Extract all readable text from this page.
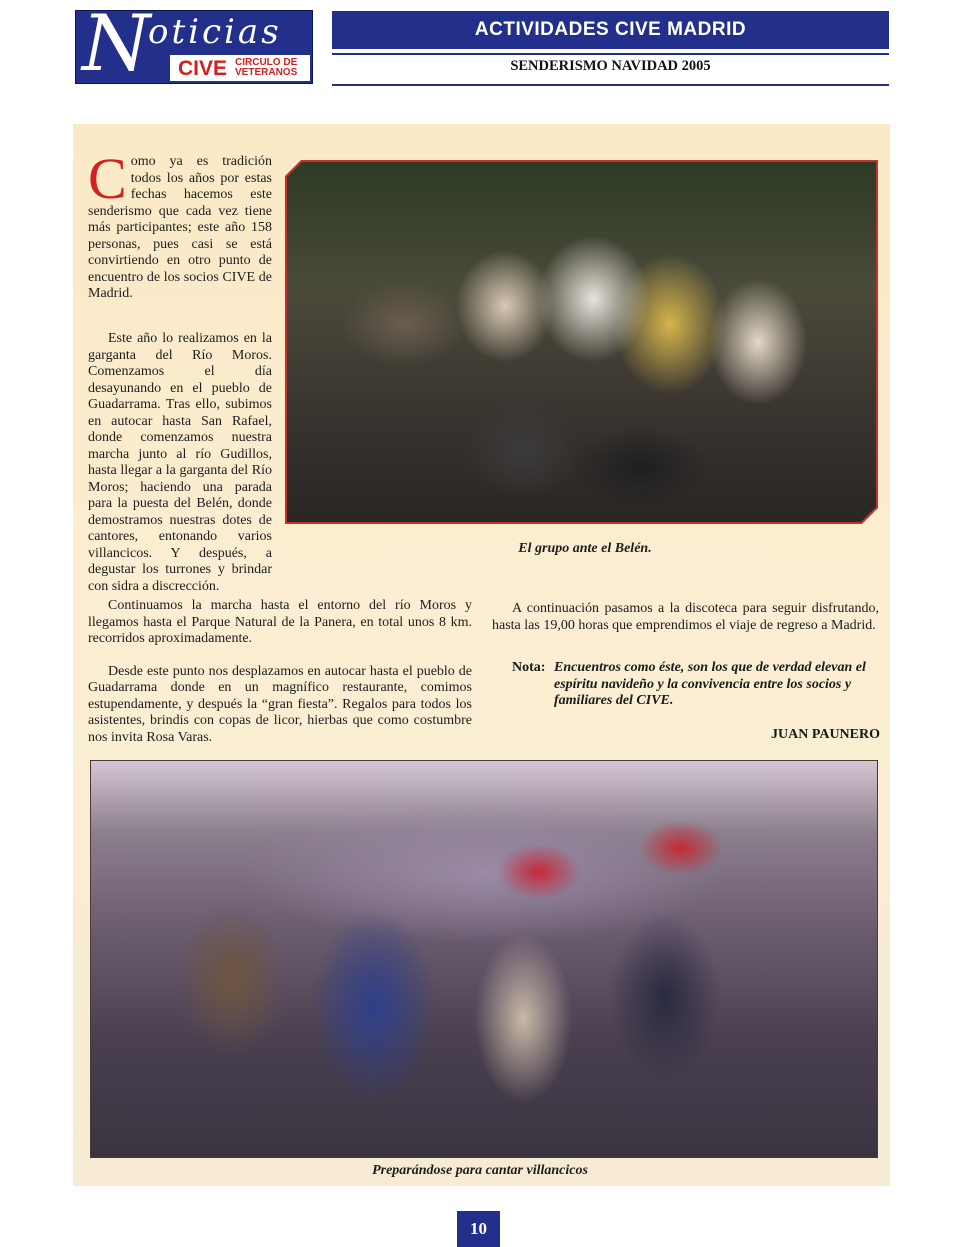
N
oticias
CIVE CIRCULO DE VETERANOS
ACTIVIDADES CIVE MADRID
SENDERISMO NAVIDAD 2005

Como ya es tradición todos los años por estas fechas hacemos este senderismo que cada vez tiene más participantes; este año 158 personas, pues casi se está convirtiendo en otro punto de encuentro de los socios CIVE de Madrid.

Este año lo realizamos en la garganta del Río Moros. Comenzamos el día desayunando en el pueblo de Guadarrama. Tras ello, subimos en autocar hasta San Rafael, donde comenzamos nuestra marcha junto al río Gudillos, hasta llegar a la garganta del Río Moros; haciendo una parada para la puesta del Belén, donde demostramos nuestras dotes de cantores, entonando varios villancicos. Y después, a degustar los turrones y brindar con sidra a discrección.

El grupo ante el Belén.

Continuamos la marcha hasta el entorno del río Moros y llegamos hasta el Parque Natural de la Panera, en total unos 8 km. recorridos aproximadamente.

Desde este punto nos desplazamos en autocar hasta el pueblo de Guadarrama donde en un magnífico restaurante, comimos estupendamente, y después la “gran fiesta”. Regalos para todos los asistentes, brindis con copas de licor, hierbas que como costumbre nos invita Rosa Varas.

A continuación pasamos a la discoteca para seguir disfrutando, hasta las 19,00 horas que emprendimos el viaje de regreso a Madrid.

Nota: Encuentros como éste, son los que de verdad elevan el espíritu navideño y la convivencia entre los socios y familiares del CIVE.
JUAN PAUNERO
Preparándose para cantar villancicos
10
